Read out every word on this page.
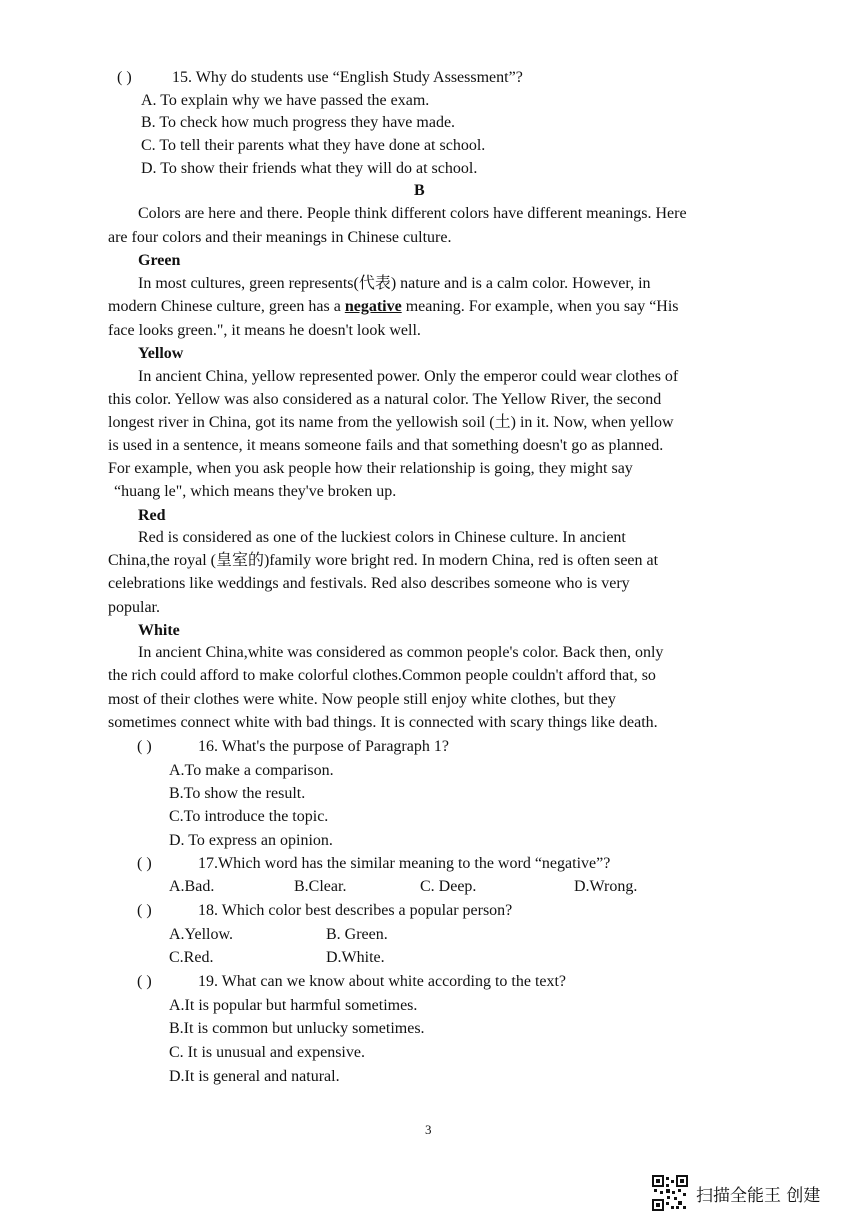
( )	15. Why do students use “English Study Assessment”?
A. To explain why we have passed the exam.
B. To check how much progress they have made.
C. To tell their parents what they have done at school.
D. To show their friends what they will do at school.
B
Colors are here and there. People think different colors have different meanings. Here
are four colors and their meanings in Chinese culture.
Green
In most cultures, green represents(代表) nature and is a calm color. However, in
modern Chinese culture, green has a negative meaning. For example, when you say “His
face looks green.", it means he doesn't look well.
Yellow
In ancient China, yellow represented power. Only the emperor could wear clothes of
this color. Yellow was also considered as a natural color. The Yellow River, the second
longest river in China, got its name from the yellowish soil (土) in it. Now, when yellow
is used in a sentence, it means someone fails and that something doesn't go as planned.
For example, when you ask people how their relationship is going, they might say
“huang le", which means they've broken up.
Red
Red is considered as one of the luckiest colors in Chinese culture. In ancient
China,the royal (皇室的)family wore bright red. In modern China, red is often seen at
celebrations like weddings and festivals. Red also describes someone who is very
popular.
White
In ancient China,white was considered as common people's color. Back then, only
the rich could afford to make colorful clothes.Common people couldn't afford that, so
most of their clothes were white. Now people still enjoy white clothes, but they
sometimes connect white with bad things. It is connected with scary things like death.
( )	16. What's the purpose of Paragraph 1?
A.To make a comparison.
B.To show the result.
C.To introduce the topic.
D. To express an opinion.
( )	17.Which word has the similar meaning to the word “negative”?
A.Bad.	B.Clear.	C. Deep.	D.Wrong.
( )	18. Which color best describes a popular person?
A.Yellow.	B. Green.
C.Red.	D.White.
( )	19. What can we know about white according to the text?
A.It is popular but harmful sometimes.
B.It is common but unlucky sometimes.
C. It is unusual and expensive.
D.It is general and natural.
3
扫描全能王 创建
